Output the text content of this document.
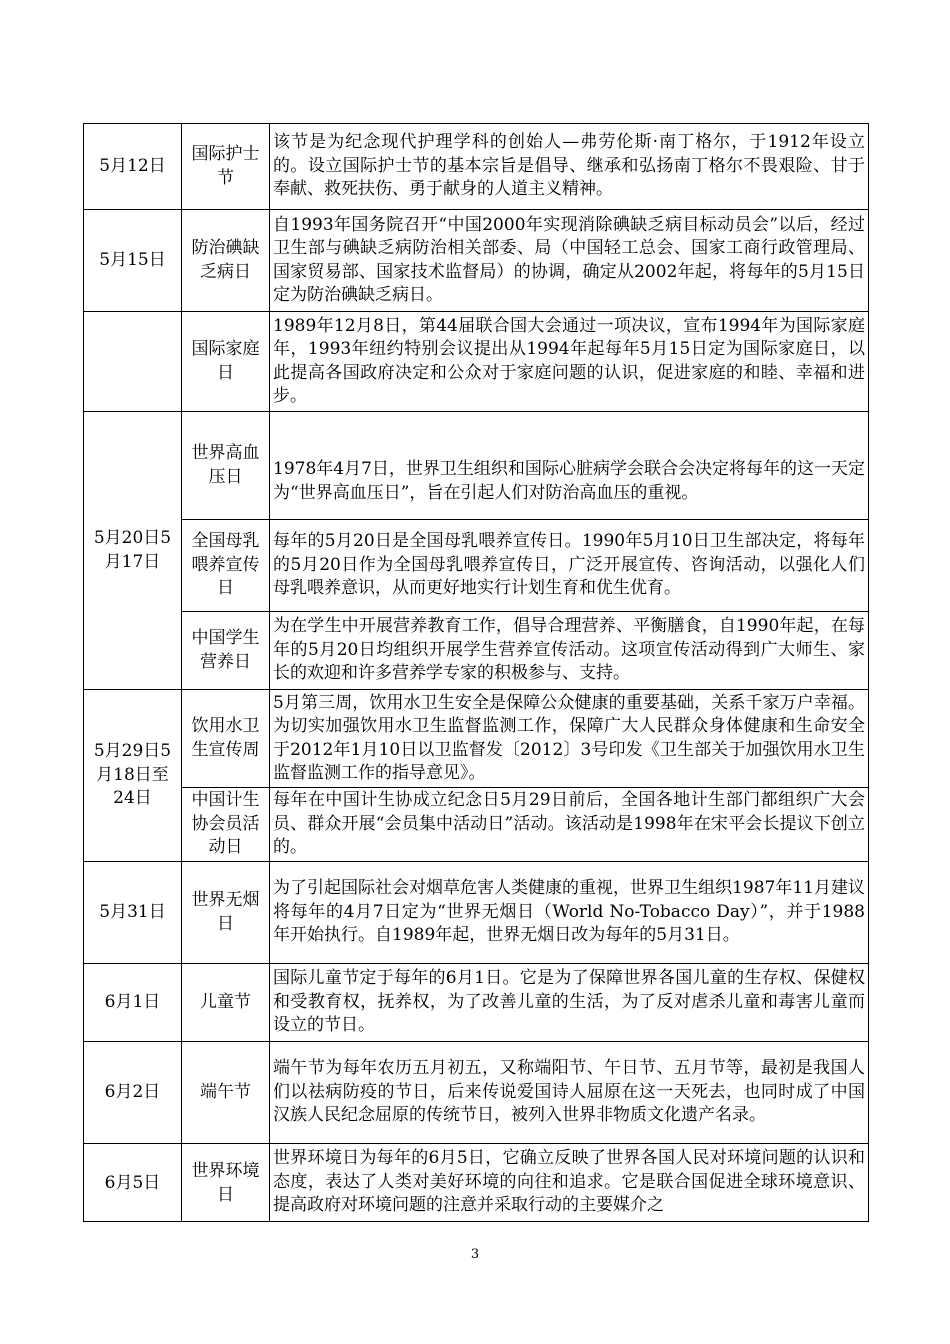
5月12日	国际护士节	该节是为纪念现代护理学科的创始人—弗劳伦斯·南丁格尔，于1912年设立的。设立国际护士节的基本宗旨是倡导、继承和弘扬南丁格尔不畏艰险、甘于奉献、救死扶伤、勇于献身的人道主义精神。
5月15日	防治碘缺乏病日	自1993年国务院召开“中国2000年实现消除碘缺乏病目标动员会”以后，经过卫生部与碘缺乏病防治相关部委、局（中国轻工总会、国家工商行政管理局、国家贸易部、国家技术监督局）的协调，确定从2002年起，将每年的5月15日定为防治碘缺乏病日。
	国际家庭日	1989年12月8日，第44届联合国大会通过一项决议，宣布1994年为国际家庭年，1993年纽约特别会议提出从1994年起每年5月15日定为国际家庭日，以此提高各国政府决定和公众对于家庭问题的认识，促进家庭的和睦、幸福和进步。
5月20日5月17日	世界高血压日	1978年4月7日，世界卫生组织和国际心脏病学会联合会决定将每年的这一天定为“世界高血压日”，旨在引起人们对防治高血压的重视。
	全国母乳喂养宣传日	每年的5月20日是全国母乳喂养宣传日。1990年5月10日卫生部决定，将每年的5月20日作为全国母乳喂养宣传日，广泛开展宣传、咨询活动，以强化人们母乳喂养意识，从而更好地实行计划生育和优生优育。
	中国学生营养日	为在学生中开展营养教育工作，倡导合理营养、平衡膳食，自1990年起，在每年的5月20日均组织开展学生营养宣传活动。这项宣传活动得到广大师生、家长的欢迎和许多营养学专家的积极参与、支持。
5月29日5月18日至24日	饮用水卫生宣传周	5月第三周，饮用水卫生安全是保障公众健康的重要基础，关系千家万户幸福。为切实加强饮用水卫生监督监测工作，保障广大人民群众身体健康和生命安全于2012年1月10日以卫监督发〔2012〕3号印发《卫生部关于加强饮用水卫生监督监测工作的指导意见》。
	中国计生协会员活动日	每年在中国计生协成立纪念日5月29日前后，全国各地计生部门都组织广大会员、群众开展“会员集中活动日”活动。该活动是1998年在宋平会长提议下创立的。
5月31日	世界无烟日	为了引起国际社会对烟草危害人类健康的重视，世界卫生组织1987年11月建议将每年的4月7日定为“世界无烟日（World No-Tobacco Day）”，并于1988年开始执行。自1989年起，世界无烟日改为每年的5月31日。
6月1日	儿童节	国际儿童节定于每年的6月1日。它是为了保障世界各国儿童的生存权、保健权和受教育权，抚养权，为了改善儿童的生活，为了反对虐杀儿童和毒害儿童而设立的节日。
6月2日	端午节	端午节为每年农历五月初五，又称端阳节、午日节、五月节等，最初是我国人们以祛病防疫的节日，后来传说爱国诗人屈原在这一天死去，也同时成了中国汉族人民纪念屈原的传统节日，被列入世界非物质文化遗产名录。
6月5日	世界环境日	世界环境日为每年的6月5日，它确立反映了世界各国人民对环境问题的认识和态度，表达了人类对美好环境的向往和追求。它是联合国促进全球环境意识、提高政府对环境问题的注意并采取行动的主要媒介之
3
